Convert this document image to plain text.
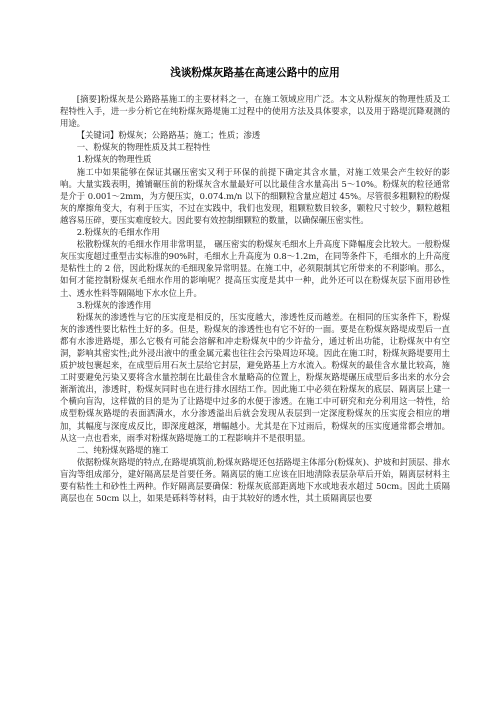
浅谈粉煤灰路基在高速公路中的应用

[摘要]粉煤灰是公路路基施工的主要材料之一，在施工领域应用广泛。本文从粉煤灰的物理性质及工程特性入手，进一步分析它在纯粉煤灰路堤施工过程中的使用方法及具体要求，以及用于路堤沉降观测的用途。

【关键词】粉煤灰；公路路基；施工；性质；渗透

一、粉煤灰的物理性质及其工程特性

1.粉煤灰的物理性质

施工中如果能够在保证其碾压密实又利于环保的前提下确定其含水量，对施工效果会产生较好的影响。大量实践表明，摊铺碾压前的粉煤灰含水量最好可以比最佳含水量高出 5～10%。粉煤灰的粒径通常是介于 0.001～2mm，为方便压实，0.074.m/n 以下的细颗粒含量应超过 45%。尽管很多粗颗粒的粉煤灰的摩擦角变大，有利于压实，不过在实践中，我们也发现，粗颗粒数目较多，颗粒尺寸较少，颗粒越粗越容易压碎，要压实难度较大。因此要有效控制细颗粒的数量，以确保碾压密实性。

2.粉煤灰的毛细水作用

松散粉煤灰的毛细水作用非常明显， 碾压密实的粉煤灰毛细水上升高度下降幅度会比较大。一般粉煤灰压实度超过重型击实标准的90%时，毛细水上升高度为 0.8～1.2m，在同等条件下，毛细水的上升高度是粘性土的 2 倍，因此粉煤灰的毛细现象异常明显。在施工中，必须限制其它所带来的不利影响。那么，如何才能控制粉煤灰毛细水作用的影响呢？提高压实度是其中一种，此外还可以在粉煤灰层下面用砂性土、透水性料等隔隔地下水水位上升。

3.粉煤灰的渗透作用

粉煤灰的渗透性与它的压实度是相反的，压实度越大，渗透性反而越差。在相同的压实条件下，粉煤灰的渗透性要比粘性土好的多。但是，粉煤灰的渗透性也有它不好的一面。要是在粉煤灰路堤成型后一直都有水渗进路堤，那么它极有可能会溶解和冲走粉煤灰中的少许盐分，通过析出功能，让粉煤灰中有空洞，影响其密实性;此外浸出液中的重金属元素也往往会污染周边环境。因此在施工时，粉煤灰路堤要用土质护坡包裹起来，在成型后用石灰土层给它封层，避免路基上方水流入。粉煤灰的最佳含水量比较高，施工时要避免污染又要将含水量控制在比最佳含水量略高的位置上，粉煤灰路堤碾压成型后多出来的水分会渐渐流出，渗透时，粉煤灰同时也在进行排水固结工作。因此施工中必须在粉煤灰的底层、隔离层上建一个横向盲沟，这样做的目的是为了让路堤中过多的水便于渗透。在施工中可研究和充分利用这一特性，给成型粉煤灰路堤的表面洒满水，水分渗透溢出后就会发现从表层到一定深度粉煤灰的压实度会相应的增加，其幅度与深度成反比，即深度越深，增幅越小。尤其是在下过雨后，粉煤灰的压实度通常都会增加。从这一点也看来，雨季对粉煤灰路堤施工的工程影响并不是很明显。

二、纯粉煤灰路堤的施工

依据粉煤灰路堤的特点,在路堤填筑前,粉煤灰路堤还包括路堤主体部分(粉煤灰)、护坡和封顶层、排水盲沟等组成部分，建好隔离层是首要任务。隔离层的施工应该在旧地清除表层杂草后开始，隔离层材料主要有粘性土和砂性土两种。作好隔离层要确保：粉煤灰底部距离地下水或地表水超过 50cm。因此土质隔离层也在 50cm 以上，如果是砾料等材料，由于其较好的透水性，其土质隔离层也要
